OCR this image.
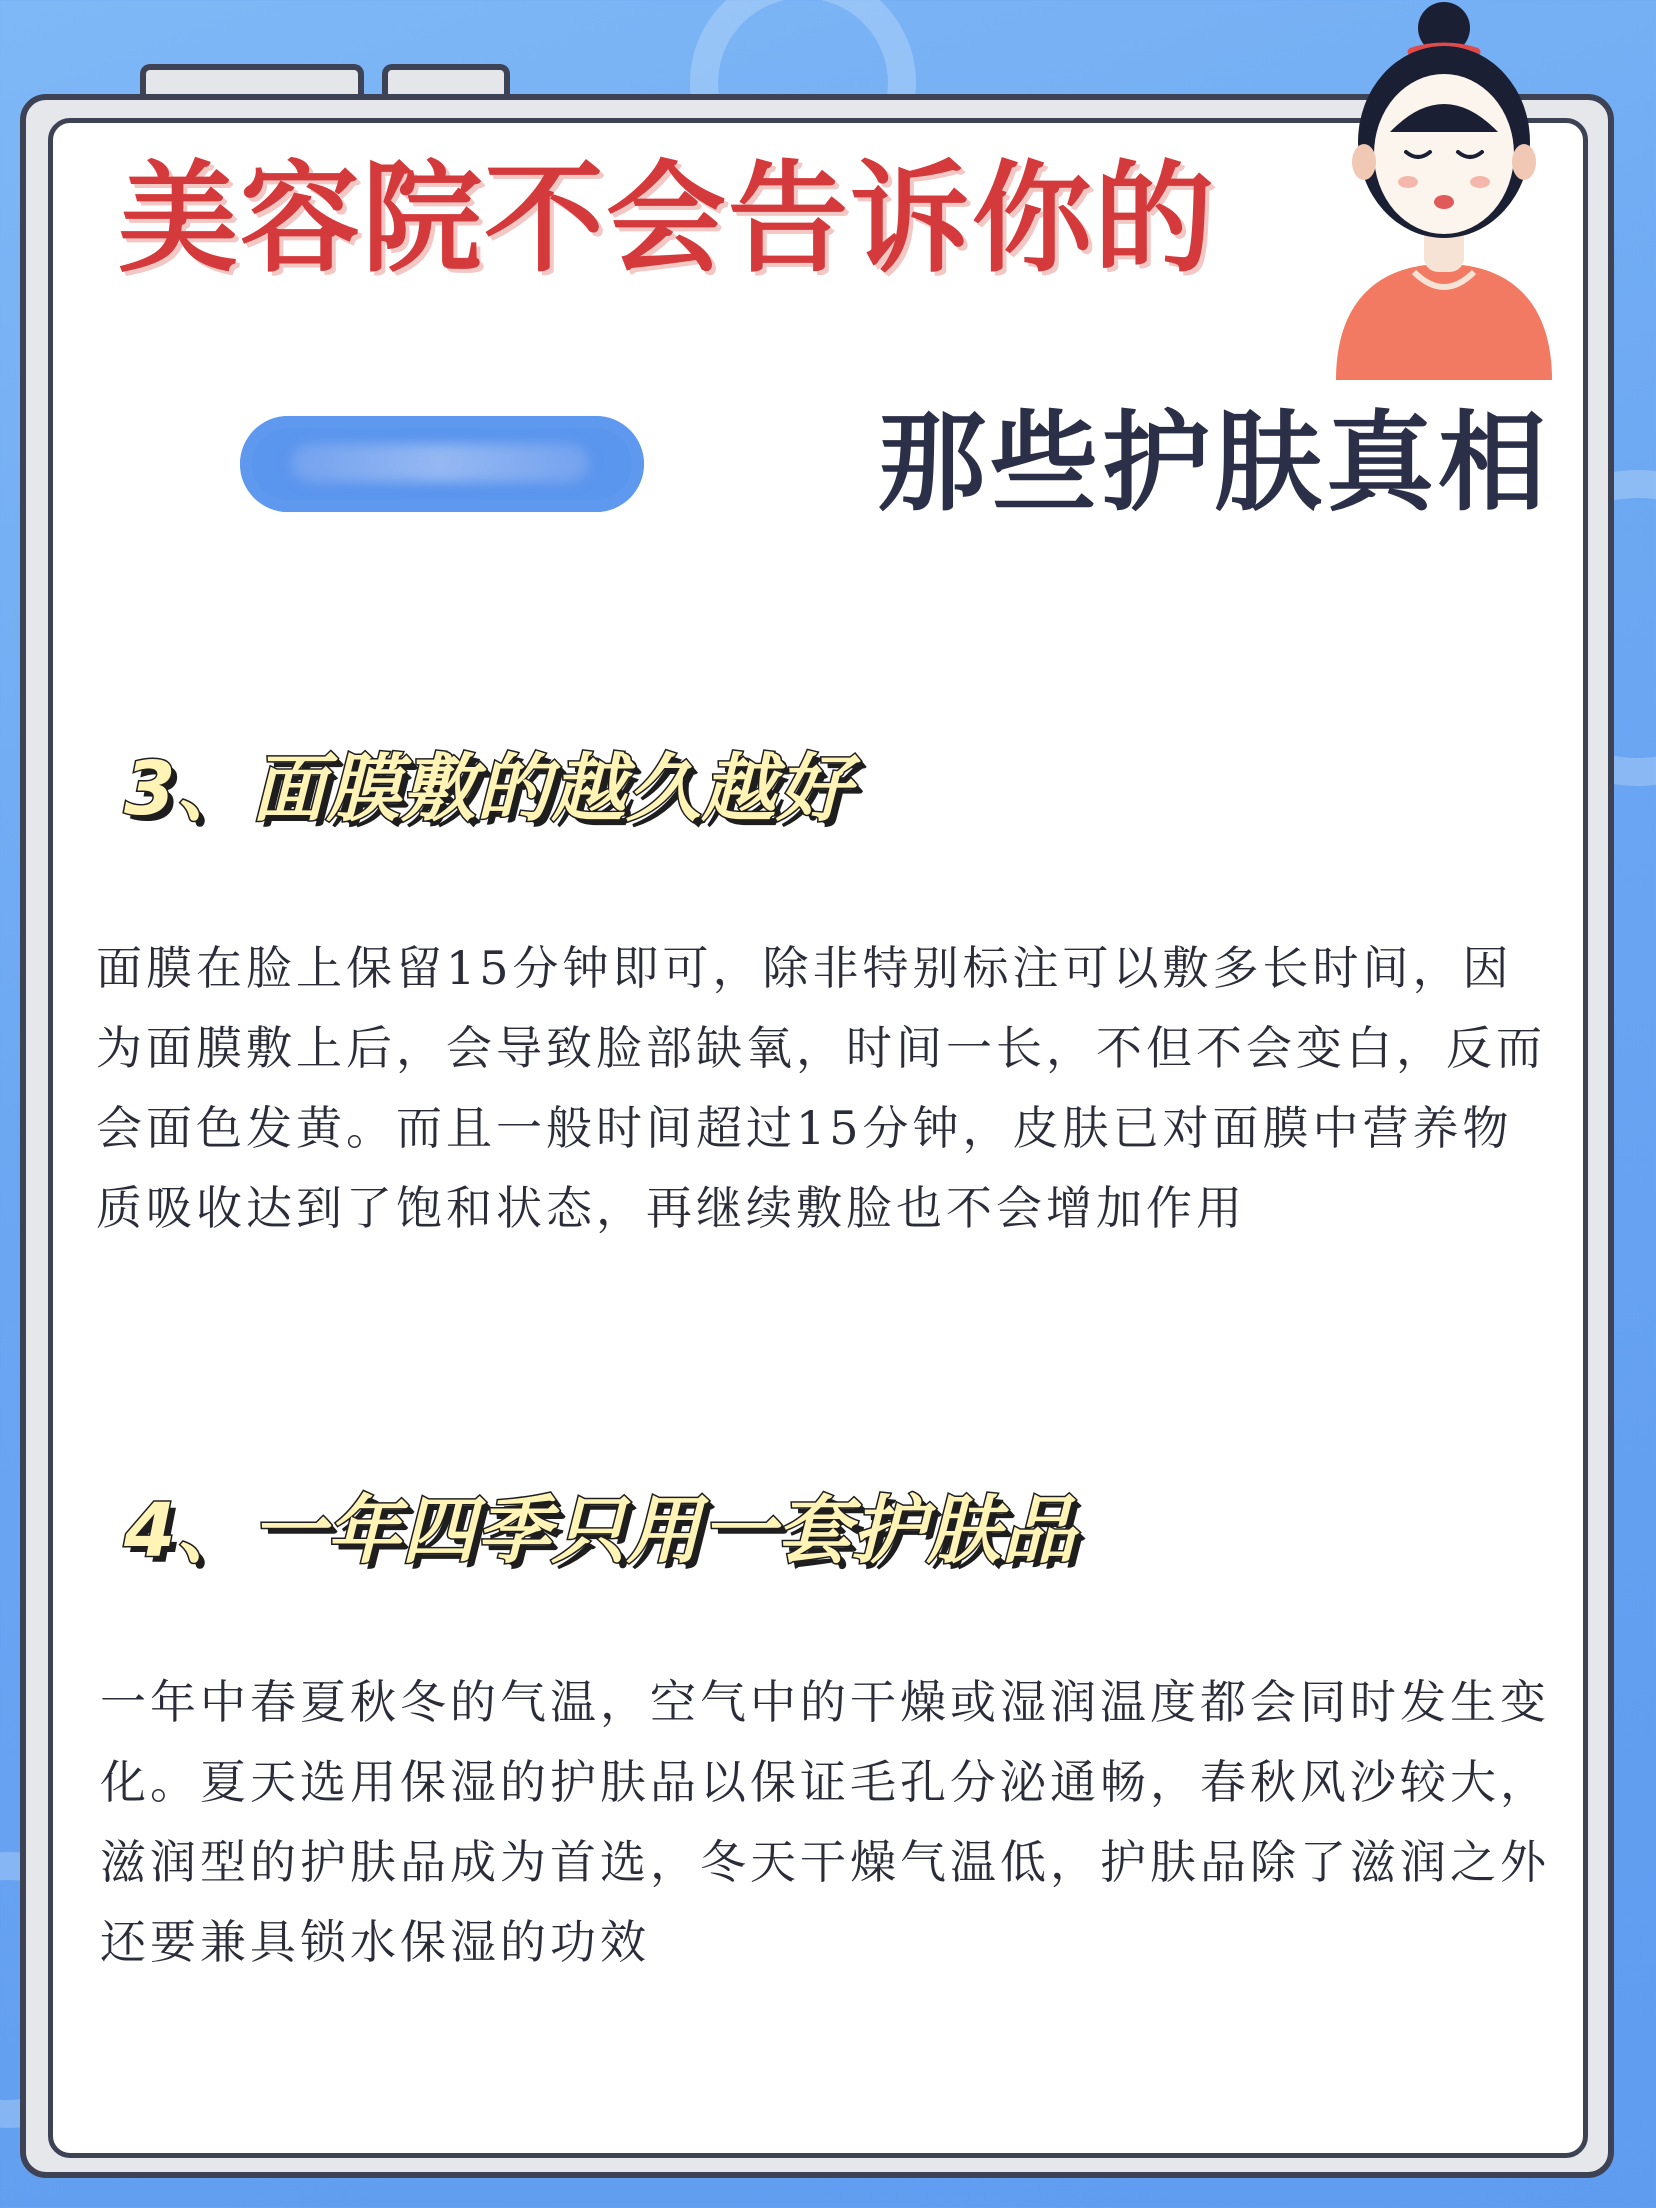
美容院不会告诉你的
那些护肤真相
3、面膜敷的越久越好

面膜在脸上保留15分钟即可，除非特别标注可以敷多长时间，因为面膜敷上后，会导致脸部缺氧，时间一长，不但不会变白，反而会面色发黄。而且一般时间超过15分钟，皮肤已对面膜中营养物质吸收达到了饱和状态，再继续敷脸也不会增加作用

4、一年四季只用一套护肤品

一年中春夏秋冬的气温，空气中的干燥或湿润温度都会同时发生变化。夏天选用保湿的护肤品以保证毛孔分泌通畅，春秋风沙较大，滋润型的护肤品成为首选，冬天干燥气温低，护肤品除了滋润之外还要兼具锁水保湿的功效
